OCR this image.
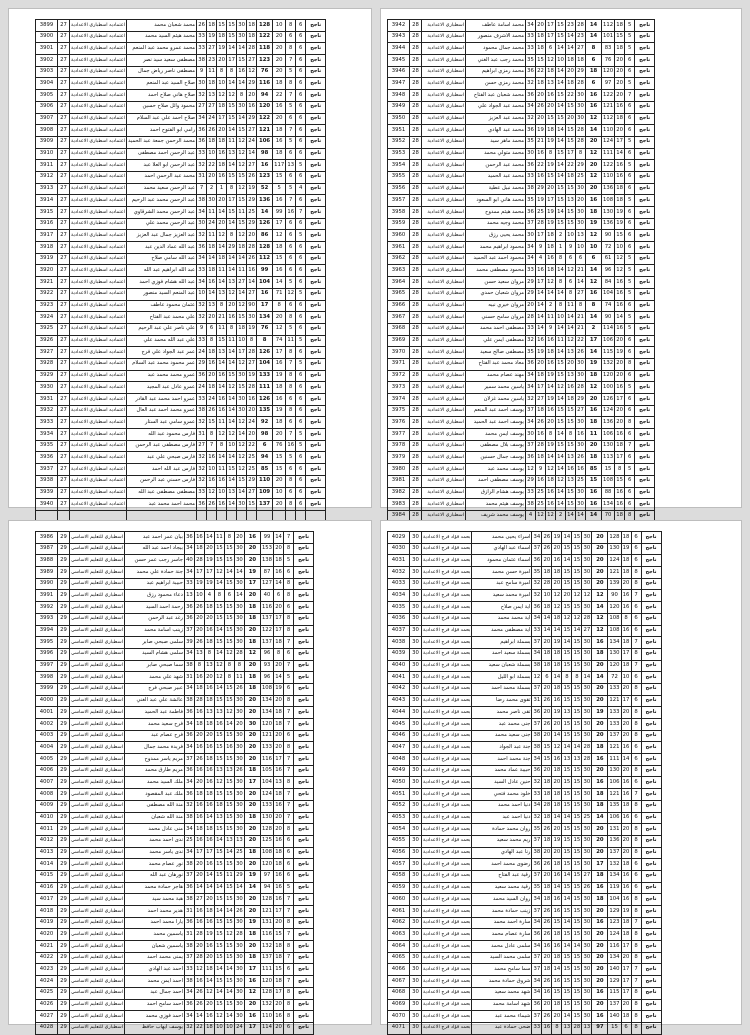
3899	27	اعتماديه اسطباري الاعدادية	محمد شعبان محمد	26	18	15	15	30	18	128	10	8	6	ناجح
3900	27	اعتماديه اسطباري الاعدادية	محمد هيثم السيد محمد	33	19	18	15	30	18	122	20	6	6	ناجح
3901	27	اعتماديه اسطباري الاعدادية	محمد عمرو محمد عبد المنعم	33	27	19	14	14	28	118	20	8	6	ناجح
3902	27	اعتماديه اسطباري الاعدادية	مصطفى سعيد سيد نصر	38	23	20	17	15	27	123	20	7	6	ناجح
3903	27	اعتماديه اسطباري الاعدادية	مصطفى ناصر رياض جمال	9	11	8	8	16	12	76	20	5	6	ناجح
3904	27	اعتماديه اسطباري الاعدادية	صلاح السيد عبد المنعم	30	18	10	14	14	29	116	18	8	6	ناجح
3905	27	اعتماديه اسطباري الاعدادية	صلاح هاني صلاح احمد	32	13	12	12	8	20	94	22	7	6	ناجح
3906	27	اعتماديه اسطباري الاعدادية	محمود وائل صلاح حسين	27	27	18	15	30	16	120	16	5	6	ناجح
3907	27	اعتماديه اسطباري الاعدادية	صلاح احمد علي عبد السلام	34	24	17	15	14	29	122	20	6	6	ناجح
3908	27	اعتماديه اسطباري الاعدادية	رامي ابو الفتوح احمد	36	26	20	14	15	27	121	18	7	6	ناجح
3909	27	اعتماديه اسطباري الاعدادية	محمد الرحمن جمعة عبد الحميد	36	18	18	11	12	24	106	16	5	6	ناجح
3910	27	اعتماديه اسطباري الاعدادية	عبد الرحمن احمد مصطفى	33	10	16	13	12	14	98	18	6	6	ناجح
3911	27	اعتماديه اسطباري الاعدادية	عبد الرحمن ابو العلا عبد	32	22	18	14	12	27	16	117	13	5	ناجح
3912	27	اعتماديه اسطباري الاعدادية	محمد عبد الرحمن احمد	31	20	16	15	15	26	123	15	6	6	ناجح
3913	27	اعتماديه اسطباري الاعدادية	عبد الرحمن سعيد محمد	7	2	1	8	12	19	52	5	5	4	ناجح
3914	27	اعتماديه اسطباري الاعدادية	عبد الرحمن محمد عبد الرحيم	38	30	20	17	15	29	136	16	7	6	ناجح
3915	27	اعتماديه اسطباري الاعدادية	عبد الرحمن محمد الشرقاوي	34	11	14	15	11	25	14	99	16	7	ناجح
3916	27	اعتماديه اسطباري الاعدادية	عبد الرحمن محمد علي	30	24	20	14	15	29	126	17	6	6	ناجح
3917	27	اعتماديه اسطباري الاعدادية	عبد العزيز جمال عبد العزيز	32	11	12	8	12	20	86	12	6	5	ناجح
3918	27	اعتماديه اسطباري الاعدادية	عبد الله عماد الدين عبد	36	18	14	29	18	28	128	18	6	6	ناجح
3919	27	اعتماديه اسطباري الاعدادية	عبد الله سامي صلاح	34	14	18	14	14	26	112	15	6	6	ناجح
3920	27	اعتماديه اسطباري الاعدادية	عبد الله ابراهيم عبد الله	33	18	11	14	11	16	99	16	6	6	ناجح
3921	27	اعتماديه اسطباري الاعدادية	عبد الله هشام فوزي احمد	34	16	14	13	27	14	104	14	5	6	ناجح
3922	27	اعتماديه اسطباري الاعدادية	عبد المنعم السيد منصور	10	14	13	12	14	27	16	71	12	5	ناجح
3923	27	اعتماديه اسطباري الاعدادية	عثمان محمود عاطف	32	13	8	20	12	90	17	8	6	6	ناجح
3924	27	اعتماديه اسطباري الاعدادية	علي محمد عبد الفتاح	32	20	21	16	15	30	134	20	8	6	ناجح
3925	27	اعتماديه اسطباري الاعدادية	علي ناصر علي عبد الرحيم	9	6	11	8	18	19	76	12	5	6	ناجح
3926	27	اعتماديه اسطباري الاعدادية	علي عبد الله محمد علي	33	8	15	11	10	8	8	74	11	5	ناجح
3927	27	اعتماديه اسطباري الاعدادية	عمر عبد الجواد علي فرج	24	18	13	14	17	28	126	17	8	6	ناجح
3928	27	اعتماديه اسطباري الاعدادية	عمر محمود محمد عبد السلام	29	16	14	14	12	27	104	16	7	5	ناجح
3929	27	اعتماديه اسطباري الاعدادية	عمرو محمد محمد عبد	36	20	16	15	30	19	133	19	8	6	ناجح
3930	27	اعتماديه اسطباري الاعدادية	عمرو عادل عبد المجيد	24	18	14	12	15	28	111	18	8	6	ناجح
3931	27	اعتماديه اسطباري الاعدادية	عمرو احمد محمد عبد القادر	33	24	16	14	30	16	126	16	6	6	ناجح
3932	27	اعتماديه اسطباري الاعدادية	عمرو محمد احمد عبد العال	38	26	16	14	30	20	135	19	8	6	ناجح
3933	27	اعتماديه اسطباري الاعدادية	عمرو سامي عبد الستار	32	15	11	14	12	24	92	18	6	6	ناجح
3934	27	اعتماديه اسطباري الاعدادية	فارس محمود عبد الله	31	8	12	12	14	20	98	20	7	5	ناجح
3935	27	اعتماديه اسطباري الاعدادية	فارس مصطفى عبد الرحمن	27	7	8	10	12	22	6	76	16	5	ناجح
3936	27	اعتماديه اسطباري الاعدادية	فارس صبحي علي عبد	32	16	14	14	12	25	94	15	5	6	ناجح
3937	27	اعتماديه اسطباري الاعدادية	فارس عبد الله احمد	32	10	11	15	12	25	85	15	6	6	ناجح
3938	27	اعتماديه اسطباري الاعدادية	فارس حسني عبد الرحمن	32	16	16	14	15	29	110	20	8	6	ناجح
3939	27	اعتماديه اسطباري الاعدادية	مصطفى مصطفى عبد الله	33	12	10	13	14	27	109	10	6	6	ناجح
3940	27	اعتماديه اسطباري الاعدادية	محمد احمد محمد عبد	36	26	16	14	30	15	137	20	8	6	ناجح

3942	28	اسطباري الاعدادية	محمد اسامة عاطف	34	20	17	15	23	28	14	112	18	5	ناجح
3943	28	اسطباري الاعدادية	محمد الاشرف منصور	33	18	17	15	14	23	14	101	15	5	ناجح
3944	28	اسطباري الاعدادية	محمد جمال محمود	33	18	6	14	14	27	8	83	18	5	ناجح
3945	28	اسطباري الاعدادية	محمد رجب عبد الغني	35	15	12	10	18	18	6	76	20	6	ناجح
3946	28	اسطباري الاعدادية	محمد رمزي ابراهيم	36	22	18	14	20	29	18	120	20	6	ناجح
3947	28	اسطباري الاعدادية	محمد رمزي حسن	32	18	13	14	18	28	6	97	20	5	ناجح
3948	28	اسطباري الاعدادية	محمد شعبان عبد الفتاح	36	20	16	15	22	30	16	122	20	7	ناجح
3949	28	اسطباري الاعدادية	محمد عبد الجواد علي	34	26	20	14	15	30	16	121	16	6	ناجح
3950	28	اسطباري الاعدادية	محمد عبد العزيز	32	20	15	15	20	30	12	112	18	6	ناجح
3951	28	اسطباري الاعدادية	محمد عبد الهادي	36	19	18	14	15	28	14	110	20	6	ناجح
3952	28	اسطباري الاعدادية	محمد ماهر سيد	35	21	19	14	15	28	20	124	17	5	ناجح
3953	28	اسطباري الاعدادية	محمد متولي محمد	30	16	8	15	17	8	12	111	14	6	ناجح
3954	28	اسطباري الاعدادية	محمد عبد الرحمن	36	22	19	14	22	29	20	122	16	5	ناجح
3955	28	اسطباري الاعدادية	محمد عبد الحميد	33	16	15	14	18	25	12	110	16	6	ناجح
3956	28	اسطباري الاعدادية	محمد نبيل عطية	38	29	20	15	15	30	20	136	18	6	ناجح
3957	28	اسطباري الاعدادية	محمد هاني ابو السعود	35	19	17	15	13	20	16	108	18	5	ناجح
3958	28	اسطباري الاعدادية	محمد هيثم ممدوح	36	25	19	14	15	30	18	130	19	6	ناجح
3959	28	اسطباري الاعدادية	محمد وجيه محمد	37	28	19	15	15	30	19	136	19	6	ناجح
3960	28	اسطباري الاعدادية	محمد يحيى رزق	30	17	18	2	10	13	12	90	15	6	ناجح
3961	28	اسطباري الاعدادية	محمود ابراهيم محمد	34	9	18	1	9	10	10	72	10	6	ناجح
3962	28	اسطباري الاعدادية	محمود احمد عبد الحميد	34	4	16	8	6	6	6	61	12	5	ناجح
3963	28	اسطباري الاعدادية	محمود مصطفى محمد	33	16	18	14	12	21	14	96	12	5	ناجح
3964	28	اسطباري الاعدادية	مروان سعيد حسن	29	17	12	8	6	14	12	84	16	5	ناجح
3965	28	اسطباري الاعدادية	مروان شعبان حمدي	29	14	14	14	8	27	16	104	16	5	ناجح
3966	28	اسطباري الاعدادية	مروان خيري نبيه	20	14	2	8	11	8	8	74	16	6	ناجح
3967	28	اسطباري الاعدادية	مروان سامح حسني	28	14	11	10	14	21	14	90	14	5	ناجح
3968	28	اسطباري الاعدادية	مصطفى احمد محمد	33	14	9	14	14	21	2	114	16	5	ناجح
3969	28	اسطباري الاعدادية	مصطفى ايمن علي	32	16	16	11	12	22	17	106	20	6	ناجح
3970	28	اسطباري الاعدادية	مصطفى صالح سعيد	35	19	18	14	13	26	14	115	19	6	ناجح
3971	28	اسطباري الاعدادية	معاذ محمد عبد الفتاح	36	20	16	15	20	30	19	132	20	8	ناجح
3972	28	اسطباري الاعدادية	مهند عصام محمد	34	18	19	15	13	30	18	120	20	6	ناجح
3973	28	اسطباري الاعدادية	ياسين محمد سمير	34	17	14	12	16	28	12	100	16	5	ناجح
3974	28	اسطباري الاعدادية	ياسين محمد غزلان	32	27	19	14	18	29	20	126	17	6	ناجح
3975	28	اسطباري الاعدادية	يوسف احمد عبد المنعم	37	18	16	15	15	27	16	124	20	6	ناجح
3976	28	اسطباري الاعدادية	يوسف احمد عبد الحميد	34	26	20	15	15	30	18	136	20	8	ناجح
3977	28	اسطباري الاعدادية	يوسف ايمن محمد	30	16	8	14	8	16	11	106	16	6	ناجح
3978	28	اسطباري الاعدادية	يوسف بلال مصطفى	37	28	19	15	15	30	20	130	18	7	ناجح
3979	28	اسطباري الاعدادية	يوسف جمال حسنين	36	18	14	14	13	26	18	113	17	6	ناجح
3980	28	اسطباري الاعدادية	يوسف محمد عبد	12	9	12	14	16	16	85	15	8	5	ناجح
3981	28	اسطباري الاعدادية	يوسف مصطفى احمد	29	16	18	12	13	25	15	108	15	6	ناجح
3982	28	اسطباري الاعدادية	يوسف هشام الرازق	33	25	16	14	15	30	16	88	16	6	ناجح
3983	28	اسطباري الاعدادية	يوسف هيثم محمد	38	25	16	14	15	30	16	134	16	6	ناجح
3984	28	اسطباري الاعدادية	يوسف محمد شريف	4	12	12	2	14	14	14	70	18	8	ناجح

3986	29	اسطباري للتعليم الاساسي	بيان عمر احمد عبد	36	16	14	11	8	20	16	99	14	7	ناجح
3987	29	اسطباري للتعليم الاساسي	بيجاد احمد عبد الله	34	18	20	15	15	30	20	153	20	8	ناجح
3988	29	اسطباري للتعليم الاساسي	جاسر رجب عمر حسن	40	28	19	15	15	30	20	138	18	5	ناجح
3989	29	اسطباري للتعليم الاساسي	جنة حمادة علي محمد	34	17	17	12	14	14	19	87	16	6	ناجح
3990	29	اسطباري للتعليم الاساسي	حبيبة ابراهيم عبد	33	19	19	14	15	30	17	127	14	8	ناجح
3991	29	اسطباري للتعليم الاساسي	دعاء محمود رزق	13	10	4	8	6	14	20	40	6	8	ناجح
3992	29	اسطباري للتعليم الاساسي	رحمة احمد السيد	36	26	18	15	15	30	18	116	20	6	ناجح
3993	29	اسطباري للتعليم الاساسي	رغد عبد الرحمن	36	20	20	15	15	30	18	137	17	8	ناجح
3994	29	اسطباري للتعليم الاساسي	زينب اسامة محمد	37	20	16	14	15	30	20	122	17	8	ناجح
3995	29	اسطباري للتعليم الاساسي	سلمى صبحي صابر	39	26	18	15	15	30	18	137	18	7	ناجح
3996	29	اسطباري للتعليم الاساسي	سلمى هشام السيد	34	13	8	14	12	28	12	96	8	6	ناجح
3997	29	اسطباري للتعليم الاساسي	سما صبحي صابر	38	8	13	12	8	8	20	93	20	7	ناجح
3998	29	اسطباري للتعليم الاساسي	شهد علي محمد	31	16	20	12	8	11	18	96	14	5	ناجح
3999	29	اسطباري للتعليم الاساسي	عبير صبحي فرج	34	18	16	14	15	26	18	108	19	6	ناجح
4000	29	اسطباري للتعليم الاساسي	عائشة علي عبد الغني	38	28	18	15	15	30	20	134	20	8	ناجح
4001	29	اسطباري للتعليم الاساسي	فاطمة عبد الحميد	36	16	13	13	12	30	20	134	18	7	ناجح
4002	29	اسطباري للتعليم الاساسي	فرح سعيد محمد	34	18	18	16	14	20	30	120	18	7	ناجح
4003	29	اسطباري للتعليم الاساسي	فرح عصام عبد	36	20	20	15	15	30	20	121	20	6	ناجح
4004	29	اسطباري للتعليم الاساسي	فريدة محمد جمال	34	16	16	15	16	30	20	133	20	8	ناجح
4005	29	اسطباري للتعليم الاساسي	مريم ياسر ممدوح	37	26	18	15	15	30	20	116	17	7	ناجح
4006	29	اسطباري للتعليم الاساسي	مريم طارق محمد	36	16	16	13	13	26	18	105	16	7	ناجح
4007	29	اسطباري للتعليم الاساسي	ملك السيد محمد	34	20	16	12	15	30	17	104	13	8	ناجح
4008	29	اسطباري للتعليم الاساسي	ملك عبد المقصود	36	18	18	15	15	30	20	124	18	7	ناجح
4009	29	اسطباري للتعليم الاساسي	منة الله مصطفى	32	16	16	18	15	30	20	133	16	7	ناجح
4010	29	اسطباري للتعليم الاساسي	منة الله شعبان	38	16	14	13	15	30	18	130	20	7	ناجح
4011	29	اسطباري للتعليم الاساسي	منى عادل محمد	34	18	18	15	15	30	20	128	20	8	ناجح
4012	29	اسطباري للتعليم الاساسي	ندى احمد محمد	25	16	16	14	13	13	20	125	16	6	ناجح
4013	29	اسطباري للتعليم الاساسي	ندى ياسر محمد	34	17	17	15	14	25	18	108	18	6	ناجح
4014	29	اسطباري للتعليم الاساسي	نور عصام محمد	38	20	16	15	15	30	20	120	18	6	ناجح
4015	29	اسطباري للتعليم الاساسي	نورهان عبد الله	37	20	14	15	11	29	19	97	16	6	ناجح
4016	29	اسطباري للتعليم الاساسي	هاجر حمادة محمد	36	14	14	14	15	14	14	94	16	5	ناجح
4017	29	اسطباري للتعليم الاساسي	هبة محمد سيد	38	27	20	15	15	30	20	128	16	7	ناجح
4018	29	اسطباري للتعليم الاساسي	هدير محمد احمد	31	16	18	14	14	26	20	121	17	7	ناجح
4019	29	اسطباري للتعليم الاساسي	يارا محمد احمد	36	16	16	15	15	30	19	131	20	8	ناجح
4020	29	اسطباري للتعليم الاساسي	ياسمين محمد	31	28	19	15	12	28	18	116	15	7	ناجح
4021	29	اسطباري للتعليم الاساسي	ياسمين شعبان	38	20	16	15	15	30	20	132	18	8	ناجح
4022	29	اسطباري للتعليم الاساسي	يمنى محمد احمد	37	28	20	15	15	30	18	137	18	7	ناجح
4023	29	اسطباري للتعليم الاساسي	احمد عبد الهادي	33	12	18	14	14	30	17	111	15	6	ناجح
4024	29	اسطباري للتعليم الاساسي	احمد ايمن محمد	38	16	14	15	15	30	16	120	18	7	ناجح
4025	29	اسطباري للتعليم الاساسي	احمد جمال عبد	34	26	12	14	14	30	12	128	17	8	ناجح
4026	29	اسطباري للتعليم الاساسي	احمد سامح احمد	36	26	20	15	15	30	20	132	20	8	ناجح
4027	29	اسطباري للتعليم الاساسي	احمد فوزي محمد	34	14	16	12	14	30	16	110	16	8	ناجح
4028	29	اسطباري للتعليم الاساسي	يوسف ايهاب حافظ	32	22	18	10	10	24	17	114	20	6	ناجح
4029	30	بحمد فؤاد فرج الاعدادية	اسراء يحيى محمد	34	26	19	14	15	30	20	128	18	6	ناجح
4030	30	بحمد فؤاد فرج الاعدادية	اسماء عبد الهادي	37	26	20	15	15	30	20	130	19	6	ناجح
4031	30	بحمد فؤاد فرج الاعدادية	اسماء عثمان محمود	36	20	16	14	15	30	20	124	18	6	ناجح
4032	30	بحمد فؤاد فرج الاعدادية	اميرة حسن محمد	35	18	18	15	15	30	20	121	18	8	ناجح
4033	30	بحمد فؤاد فرج الاعدادية	اميرة سامح عبد	32	28	20	15	15	30	20	139	20	8	ناجح
4034	30	بحمد فؤاد فرج الاعدادية	اميرة محمد سعيد	32	10	12	20	12	12	12	90	16	7	ناجح
4035	30	بحمد فؤاد فرج الاعدادية	اية ايمن صلاح	36	18	12	15	15	30	14	120	16	6	ناجح
4036	30	بحمد فؤاد فرج الاعدادية	اية محمد محمد	34	14	18	12	12	28	12	108	8	6	ناجح
4037	30	بحمد فؤاد فرج الاعدادية	اية مصطفى محمد	33	14	14	15	14	27	12	108	16	6	ناجح
4038	30	بحمد فؤاد فرج الاعدادية	بسملة ابراهيم	37	20	19	14	15	30	16	134	18	7	ناجح
4039	30	بحمد فؤاد فرج الاعدادية	بسملة سعيد احمد	34	18	18	15	15	30	18	130	17	8	ناجح
4040	30	بحمد فؤاد فرج الاعدادية	بسملة شعبان سعيد	38	18	18	15	15	30	20	120	18	7	ناجح
4041	30	بحمد فؤاد فرج الاعدادية	بسملة ابو الليل	12	6	14	8	8	14	14	72	10	6	ناجح
4042	30	بحمد فؤاد فرج الاعدادية	بسملة محمد احمد	37	20	18	15	15	30	20	133	20	8	ناجح
4043	30	بحمد فؤاد فرج الاعدادية	تقوى محمد رضا	31	26	16	15	15	30	20	121	17	6	ناجح
4044	30	بحمد فؤاد فرج الاعدادية	تقى ناصر محمد	36	20	19	13	15	30	19	133	20	8	ناجح
4045	30	بحمد فؤاد فرج الاعدادية	جنى محمد عبد	37	26	20	15	15	30	20	133	20	8	ناجح
4046	30	بحمد فؤاد فرج الاعدادية	جنى سعيد محمد	38	20	14	15	15	30	20	137	20	8	ناجح
4047	30	بحمد فؤاد فرج الاعدادية	جنة عبد الجواد	38	15	12	14	14	28	18	121	16	6	ناجح
4048	30	بحمد فؤاد فرج الاعدادية	جنة محمد احمد	34	15	16	13	13	28	16	111	14	6	ناجح
4049	30	بحمد فؤاد فرج الاعدادية	حبيبة عماد محمد	36	20	18	15	15	30	20	130	20	8	ناجح
4050	30	بحمد فؤاد فرج الاعدادية	حنين عادل السيد	32	18	20	15	15	30	16	106	16	6	ناجح
4051	30	بحمد فؤاد فرج الاعدادية	خلود محمد فتحي	33	18	18	15	15	30	18	121	16	7	ناجح
4052	30	بحمد فؤاد فرج الاعدادية	دنيا احمد محمد	34	28	18	15	15	30	18	135	18	8	ناجح
4053	30	بحمد فؤاد فرج الاعدادية	دنيا احمد عبد	32	18	14	14	15	25	14	106	16	6	ناجح
4054	30	بحمد فؤاد فرج الاعدادية	روان محمد حمادة	35	26	20	15	15	30	20	131	20	8	ناجح
4055	30	بحمد فؤاد فرج الاعدادية	ريم محمد سعيد	37	18	19	15	15	30	20	136	20	8	ناجح
4056	30	بحمد فؤاد فرج الاعدادية	رنا عبد الهادي	38	20	20	15	15	30	20	137	20	8	ناجح
4057	30	بحمد فؤاد فرج الاعدادية	رضوى محمد احمد	36	26	18	15	15	30	17	132	18	6	ناجح
4058	30	بحمد فؤاد فرج الاعدادية	رقية عبد الفتاح	37	20	16	14	15	27	18	134	16	6	ناجح
4059	30	بحمد فؤاد فرج الاعدادية	رقية محمد سعيد	35	18	14	15	15	26	16	119	16	6	ناجح
4060	30	بحمد فؤاد فرج الاعدادية	روان السيد محمد	34	18	16	14	15	30	18	104	16	8	ناجح
4061	30	بحمد فؤاد فرج الاعدادية	زينب حمادة محمد	37	26	16	15	15	30	20	129	19	8	ناجح
4062	30	بحمد فؤاد فرج الاعدادية	سارة احمد محمد	34	26	15	14	15	30	16	123	18	7	ناجح
4063	30	بحمد فؤاد فرج الاعدادية	سارة عصام محمد	36	26	18	15	15	30	20	124	18	8	ناجح
4064	30	بحمد فؤاد فرج الاعدادية	سلمى عادل محمد	34	16	16	14	14	30	20	116	17	8	ناجح
4065	30	بحمد فؤاد فرج الاعدادية	سلمى محمد السيد	37	20	18	15	15	30	20	134	20	8	ناجح
4066	30	بحمد فؤاد فرج الاعدادية	سما سامح محمد	37	18	14	15	15	30	20	140	17	7	ناجح
4067	30	بحمد فؤاد فرج الاعدادية	شروق حمادة محمد	34	26	16	15	15	30	20	129	17	7	ناجح
4068	30	بحمد فؤاد فرج الاعدادية	شهد محمد سعيد	34	16	15	15	15	30	16	115	17	8	ناجح
4069	30	بحمد فؤاد فرج الاعدادية	شهد اسامة محمد	36	20	18	15	15	30	20	137	20	8	ناجح
4070	30	بحمد فؤاد فرج الاعدادية	شيماء محمد عبد	37	26	20	14	15	30	16	140	18	8	ناجح
4071	30	بحمد فؤاد فرج الاعدادية	ضحى حمادة عبد	33	16	8	13	28	13	97	15	6	8	ناجح
